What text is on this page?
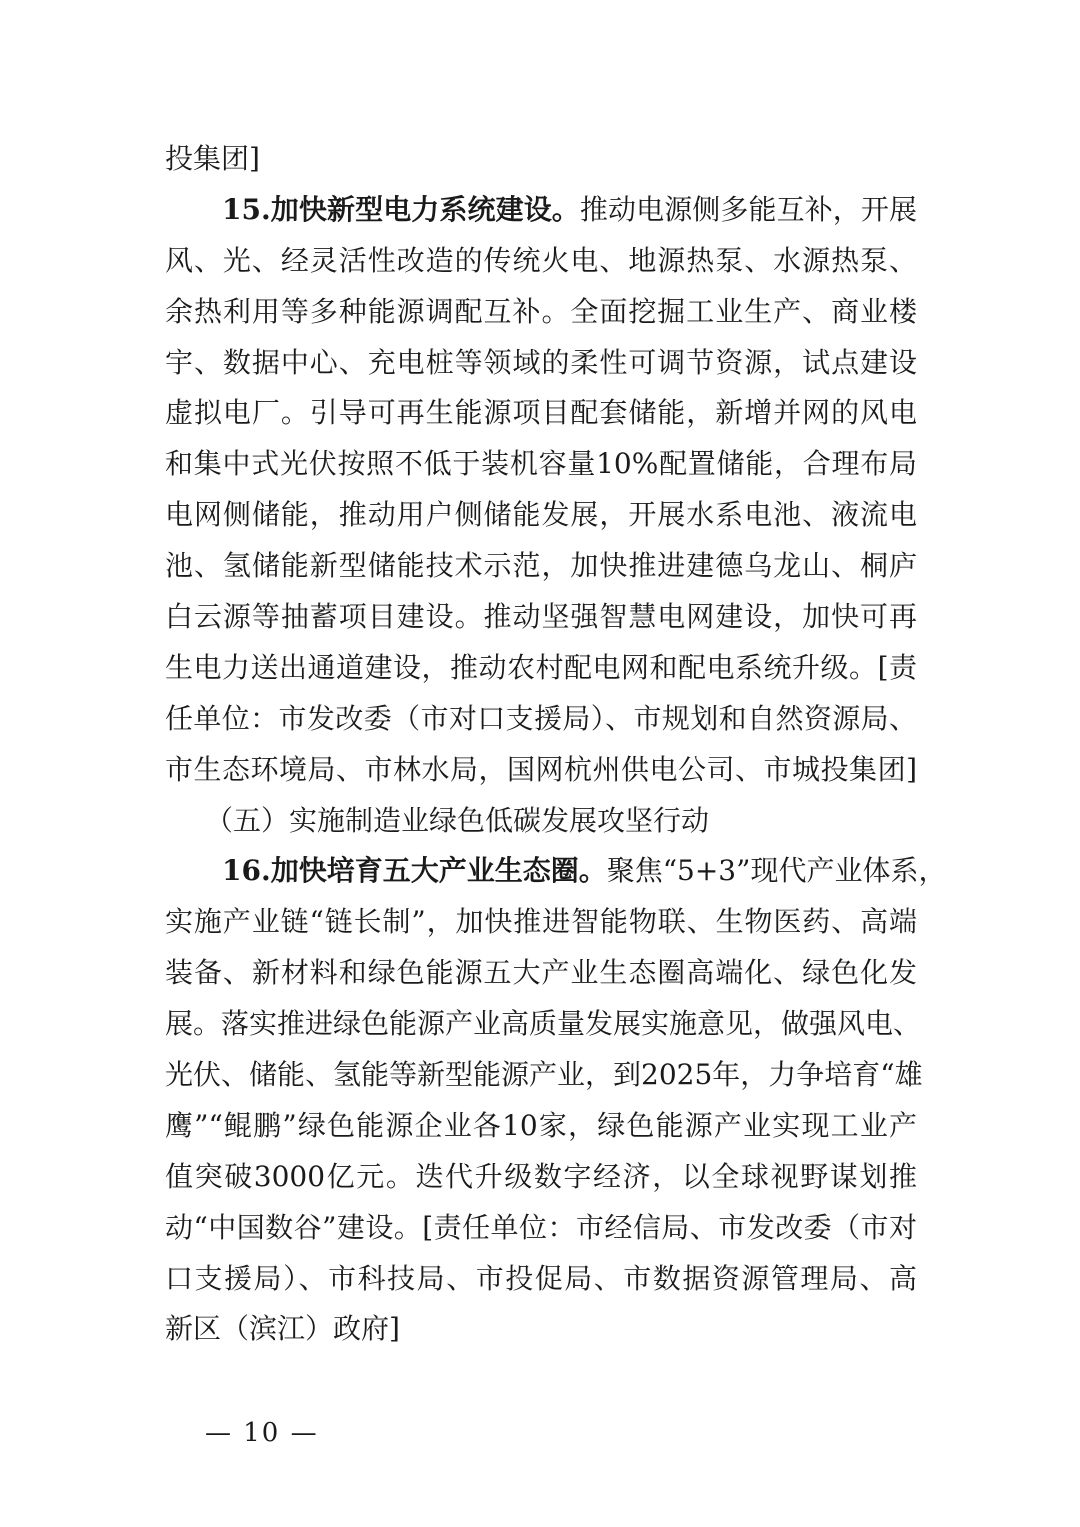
投集团]
15.加快新型电力系统建设。推动电源侧多能互补，开展
风、光、经灵活性改造的传统火电、地源热泵、水源热泵、
余热利用等多种能源调配互补。全面挖掘工业生产、商业楼
宇、数据中心、充电桩等领域的柔性可调节资源，试点建设
虚拟电厂。引导可再生能源项目配套储能，新增并网的风电
和集中式光伏按照不低于装机容量10%配置储能，合理布局
电网侧储能，推动用户侧储能发展，开展水系电池、液流电
池、氢储能新型储能技术示范，加快推进建德乌龙山、桐庐
白云源等抽蓄项目建设。推动坚强智慧电网建设，加快可再
生电力送出通道建设，推动农村配电网和配电系统升级。[责
任单位：市发改委（市对口支援局）、市规划和自然资源局、
市生态环境局、市林水局，国网杭州供电公司、市城投集团]
（五）实施制造业绿色低碳发展攻坚行动
16.加快培育五大产业生态圈。聚焦“5+3”现代产业体系，
实施产业链“链长制”，加快推进智能物联、生物医药、高端
装备、新材料和绿色能源五大产业生态圈高端化、绿色化发
展。落实推进绿色能源产业高质量发展实施意见，做强风电、
光伏、储能、氢能等新型能源产业，到2025年，力争培育“雄
鹰”“鲲鹏”绿色能源企业各10家，绿色能源产业实现工业产
值突破3000亿元。迭代升级数字经济，以全球视野谋划推
动“中国数谷”建设。[责任单位：市经信局、市发改委（市对
口支援局）、市科技局、市投促局、市数据资源管理局、高
新区（滨江）政府]
— 10 —
